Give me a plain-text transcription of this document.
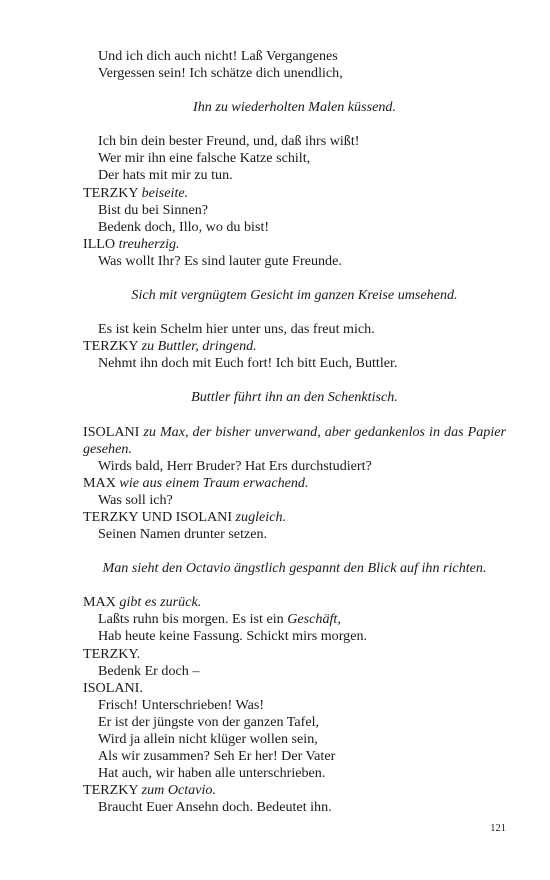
Und ich dich auch nicht! Laß Vergangenes
Vergessen sein! Ich schätze dich unendlich,
Ihn zu wiederholten Malen küssend.
Ich bin dein bester Freund, und, daß ihrs wißt!
Wer mir ihn eine falsche Katze schilt,
Der hats mit mir zu tun.
TERZKY beiseite.
Bist du bei Sinnen?
Bedenk doch, Illo, wo du bist!
ILLO treuherzig.
Was wollt Ihr? Es sind lauter gute Freunde.
Sich mit vergnügtem Gesicht im ganzen Kreise umsehend.
Es ist kein Schelm hier unter uns, das freut mich.
TERZKY zu Buttler, dringend.
Nehmt ihn doch mit Euch fort! Ich bitt Euch, Buttler.
Buttler führt ihn an den Schenktisch.
ISOLANI zu Max, der bisher unverwand, aber gedankenlos in das Papier gesehen.
Wirds bald, Herr Bruder? Hat Ers durchstudiert?
MAX wie aus einem Traum erwachend.
Was soll ich?
TERZKY UND ISOLANI zugleich.
Seinen Namen drunter setzen.
Man sieht den Octavio ängstlich gespannt den Blick auf ihn richten.
MAX gibt es zurück.
Laßts ruhn bis morgen. Es ist ein Geschäft,
Hab heute keine Fassung. Schickt mirs morgen.
TERZKY.
Bedenk Er doch –
ISOLANI.
Frisch! Unterschrieben! Was!
Er ist der jüngste von der ganzen Tafel,
Wird ja allein nicht klüger wollen sein,
Als wir zusammen? Seh Er her! Der Vater
Hat auch, wir haben alle unterschrieben.
TERZKY zum Octavio.
Braucht Euer Ansehn doch. Bedeutet ihn.
121
